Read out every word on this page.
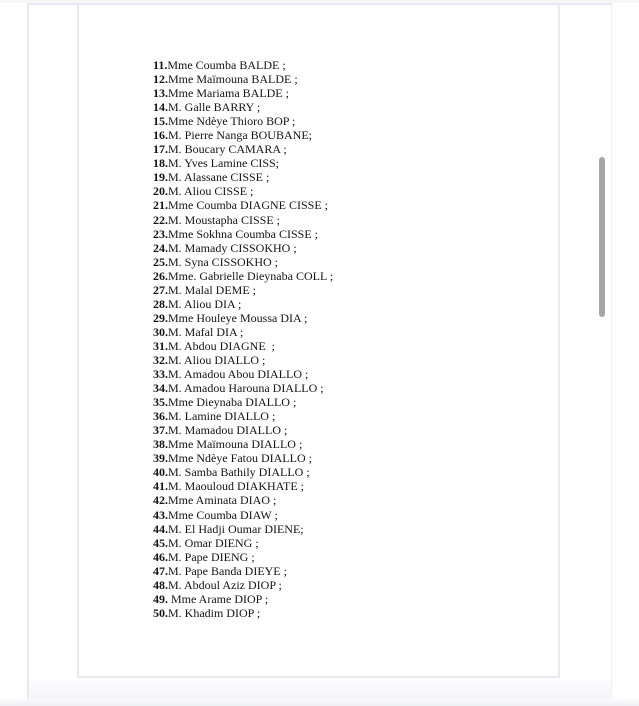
11.Mme Coumba BALDE ;
12.Mme Maïmouna BALDE ;
13.Mme Mariama BALDE ;
14.M. Galle BARRY ;
15.Mme Ndèye Thioro BOP ;
16.M. Pierre Nanga BOUBANE;
17.M. Boucary CAMARA ;
18.M. Yves Lamine CISS;
19.M. Alassane CISSE ;
20.M. Aliou CISSE ;
21.Mme Coumba DIAGNE CISSE ;
22.M. Moustapha CISSE ;
23.Mme Sokhna Coumba CISSE ;
24.M. Mamady CISSOKHO ;
25.M. Syna CISSOKHO ;
26.Mme. Gabrielle Dieynaba COLL ;
27.M. Malal DEME ;
28.M. Aliou DIA ;
29.Mme Houleye Moussa DIA ;
30.M. Mafal DIA ;
31.M. Abdou DIAGNE  ;
32.M. Aliou DIALLO ;
33.M. Amadou Abou DIALLO ;
34.M. Amadou Harouna DIALLO ;
35.Mme Dieynaba DIALLO ;
36.M. Lamine DIALLO ;
37.M. Mamadou DIALLO ;
38.Mme Maïmouna DIALLO ;
39.Mme Ndèye Fatou DIALLO ;
40.M. Samba Bathily DIALLO ;
41.M. Maouloud DIAKHATE ;
42.Mme Aminata DIAO ;
43.Mme Coumba DIAW ;
44.M. El Hadji Oumar DIENE;
45.M. Omar DIENG ;
46.M. Pape DIENG ;
47.M. Pape Banda DIEYE ;
48.M. Abdoul Aziz DIOP ;
49. Mme Arame DIOP ;
50.M. Khadim DIOP ;
